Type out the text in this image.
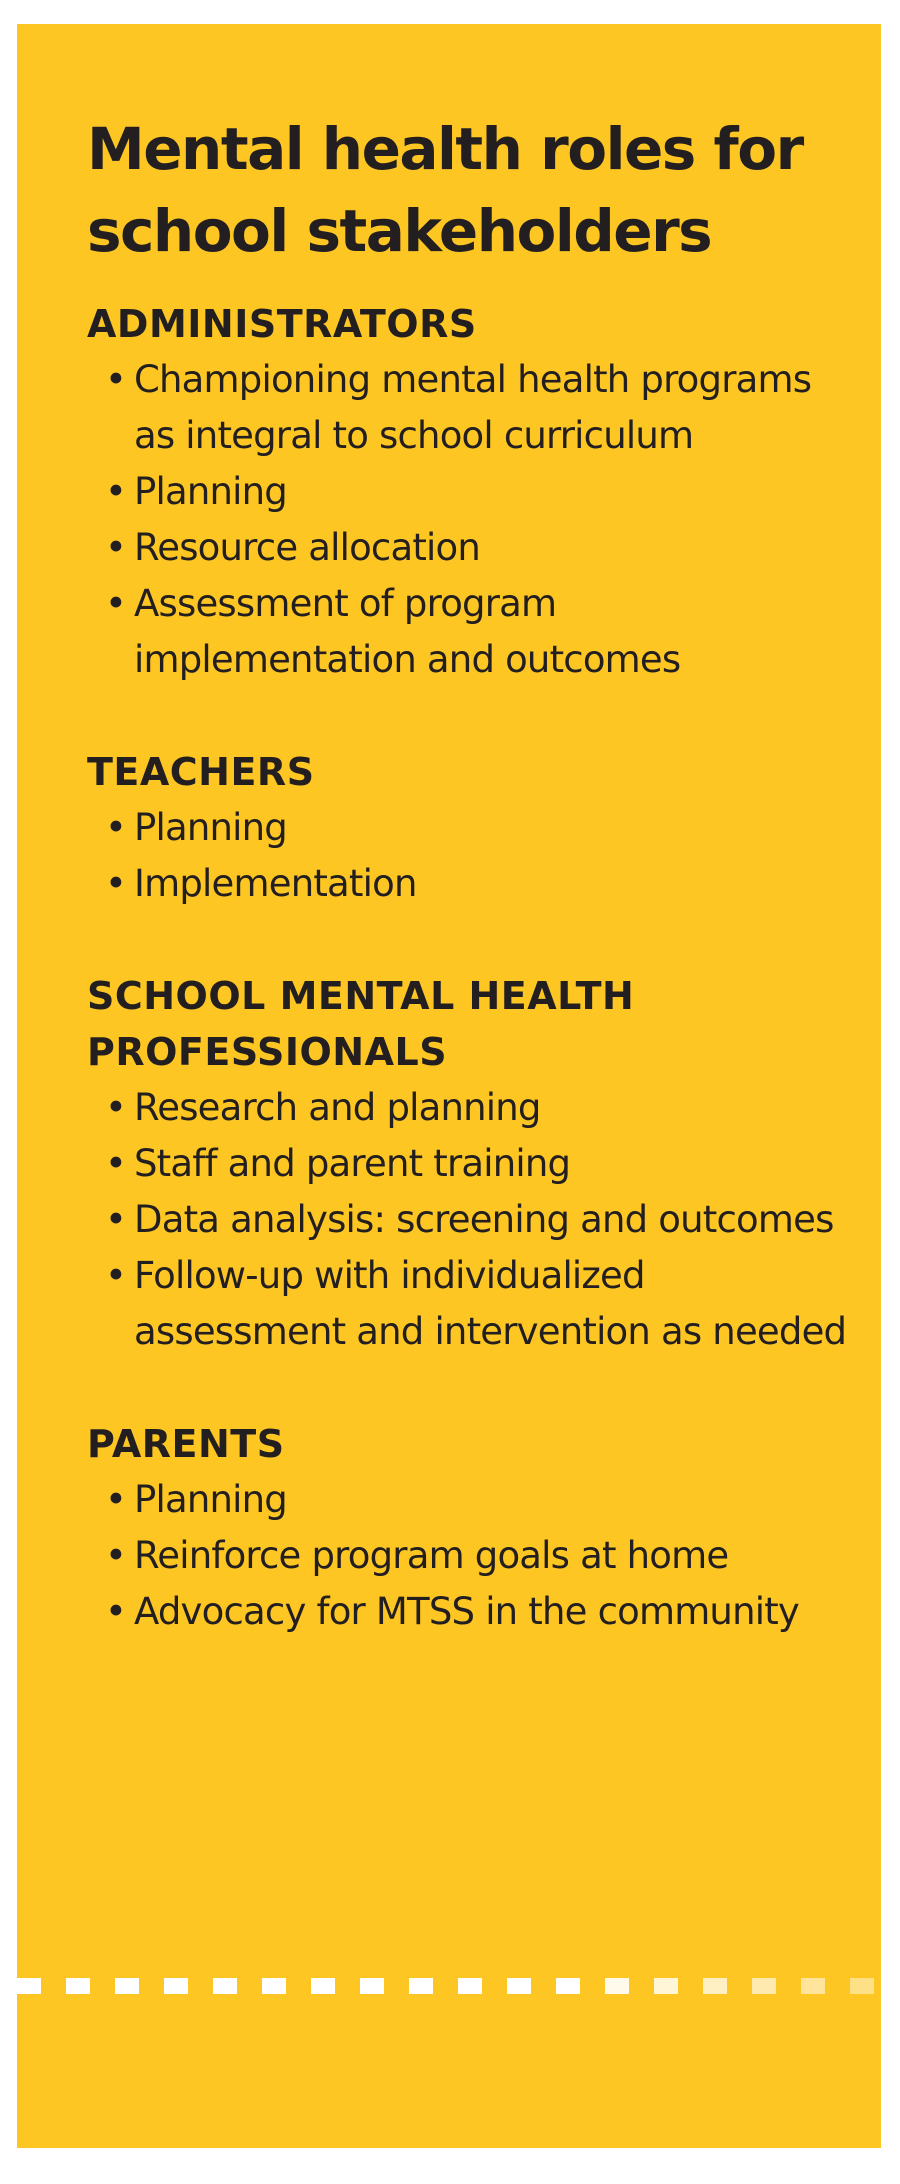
Mental health roles for school stakeholders
ADMINISTRATORS
• Championing mental health programs as integral to school curriculum
• Planning
• Resource allocation
• Assessment of program implementation and outcomes
TEACHERS
• Planning
• Implementation
SCHOOL MENTAL HEALTH PROFESSIONALS
• Research and planning
• Staff and parent training
• Data analysis: screening and outcomes
• Follow-up with individualized assessment and intervention as needed
PARENTS
• Planning
• Reinforce program goals at home
• Advocacy for MTSS in the community
